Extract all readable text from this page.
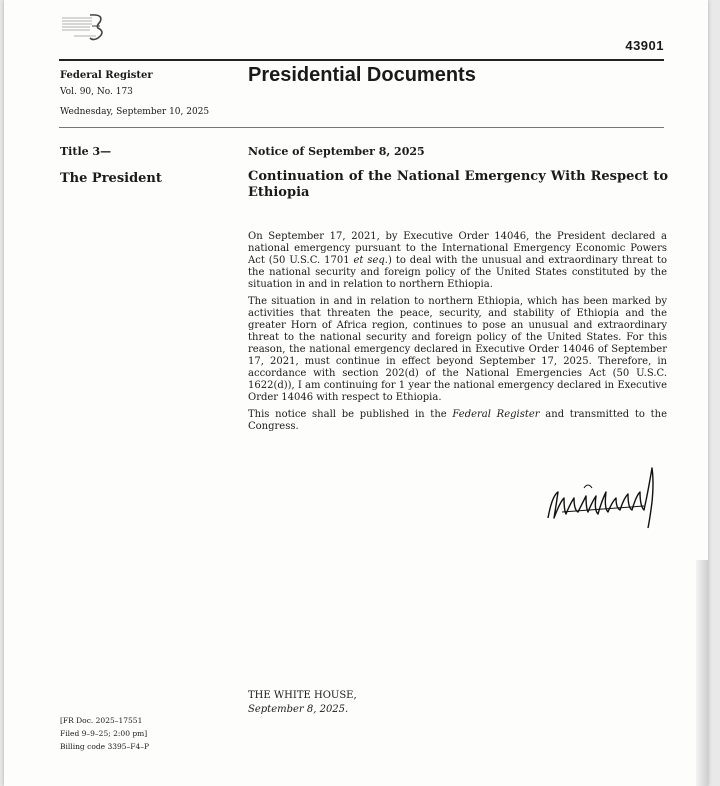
43901
Federal Register
Vol. 90, No. 173
Wednesday, September 10, 2025
Presidential Documents
Title 3—
The President
Notice of September 8, 2025
Continuation of the National Emergency With Respect to Ethiopia

On September 17, 2021, by Executive Order 14046, the President declared a national emergency pursuant to the International Emergency Economic Powers Act (50 U.S.C. 1701 et seq.) to deal with the unusual and extraordinary threat to the national security and foreign policy of the United States constituted by the situation in and in relation to northern Ethiopia.

The situation in and in relation to northern Ethiopia, which has been marked by activities that threaten the peace, security, and stability of Ethiopia and the greater Horn of Africa region, continues to pose an unusual and extraordinary threat to the national security and foreign policy of the United States. For this reason, the national emergency declared in Executive Order 14046 of September 17, 2021, must continue in effect beyond September 17, 2025. Therefore, in accordance with section 202(d) of the National Emergencies Act (50 U.S.C. 1622(d)), I am continuing for 1 year the national emergency declared in Executive Order 14046 with respect to Ethiopia.

This notice shall be published in the Federal Register and transmitted to the Congress.

THE WHITE HOUSE,
September 8, 2025.
[FR Doc. 2025–17551
Filed 9–9–25; 2:00 pm]
Billing code 3395–F4–P
